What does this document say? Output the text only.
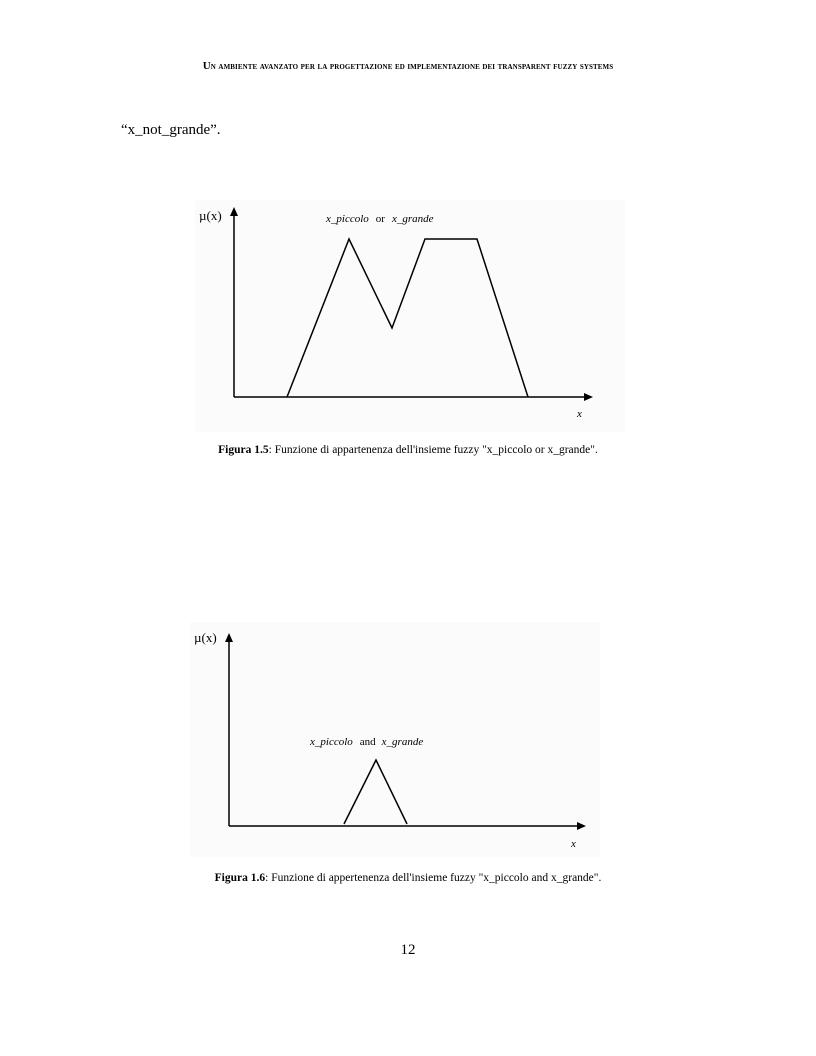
Un ambiente avanzato per la progettazione ed implementazione dei transparent fuzzy systems
“x_not_grande”.
µ(x)
x
x_piccolo or x_grande
Figura 1.5: Funzione di appartenenza dell'insieme fuzzy "x_piccolo or x_grande".
µ(x)
x
x_piccolo and x_grande
Figura 1.6: Funzione di appertenenza dell'insieme fuzzy "x_piccolo and x_grande".
12
